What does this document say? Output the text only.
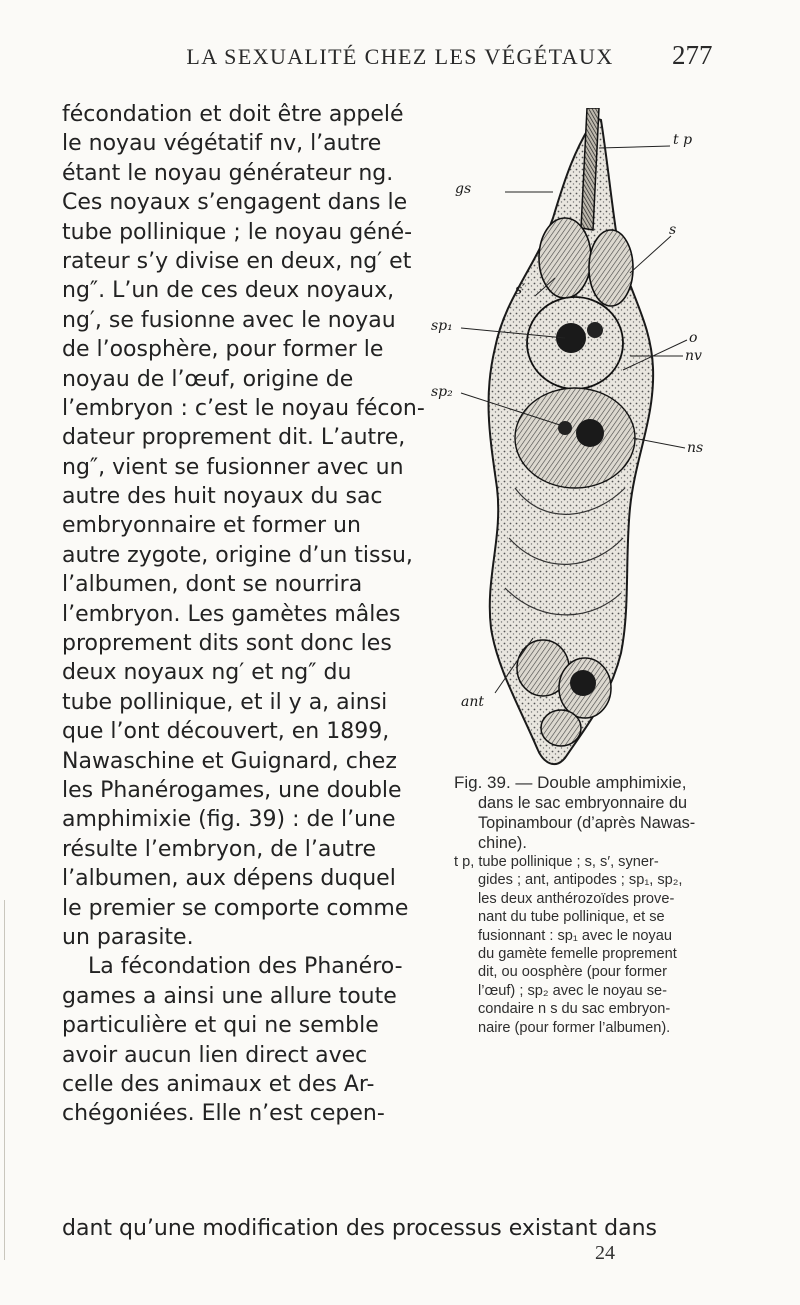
LA SEXUALITÉ CHEZ LES VÉGÉTAUX	277
fécondation et doit être appelé
le noyau végétatif nv, l’autre
étant le noyau générateur ng.
Ces noyaux s’engagent dans le
tube pollinique ; le noyau géné-
rateur s’y divise en deux, ng′ et
ng″. L’un de ces deux noyaux,
ng′, se fusionne avec le noyau
de l’oosphère, pour former le
noyau de l’œuf, origine de
l’embryon : c’est le noyau fécon-
dateur proprement dit. L’autre,
ng″, vient se fusionner avec un
autre des huit noyaux du sac
embryonnaire et former un
autre zygote, origine d’un tissu,
l’albumen, dont se nourrira
l’embryon. Les gamètes mâles
proprement dits sont donc les
deux noyaux ng′ et ng″ du
tube pollinique, et il y a, ainsi
que l’ont découvert, en 1899,
Nawaschine et Guignard, chez
les Phanérogames, une double
amphimixie (fig. 39) : de l’une
résulte l’embryon, de l’autre
l’albumen, aux dépens duquel
le premier se comporte comme
un parasite.
La fécondation des Phanéro-
games a ainsi une allure toute
particulière et qui ne semble
avoir aucun lien direct avec
celle des animaux et des Ar-
chégoniées. Elle n’est cepen-
dant qu’une modification des processus existant dans
t p
gs
s
s′
o
sp₁
sp₂
nv
ns
ant
Fig. 39. — Double amphimixie,
dans le sac embryonnaire du
Topinambour (d’après Nawas-
chine).
t p, tube pollinique ; s, s′, syner-
gides ; ant, antipodes ; sp₁, sp₂,
les deux anthérozoïdes prove-
nant du tube pollinique, et se
fusionnant : sp₁ avec le noyau
du gamète femelle proprement
dit, ou oosphère (pour former
l’œuf) ; sp₂ avec le noyau se-
condaire n s du sac embryon-
naire (pour former l’albumen).
24
